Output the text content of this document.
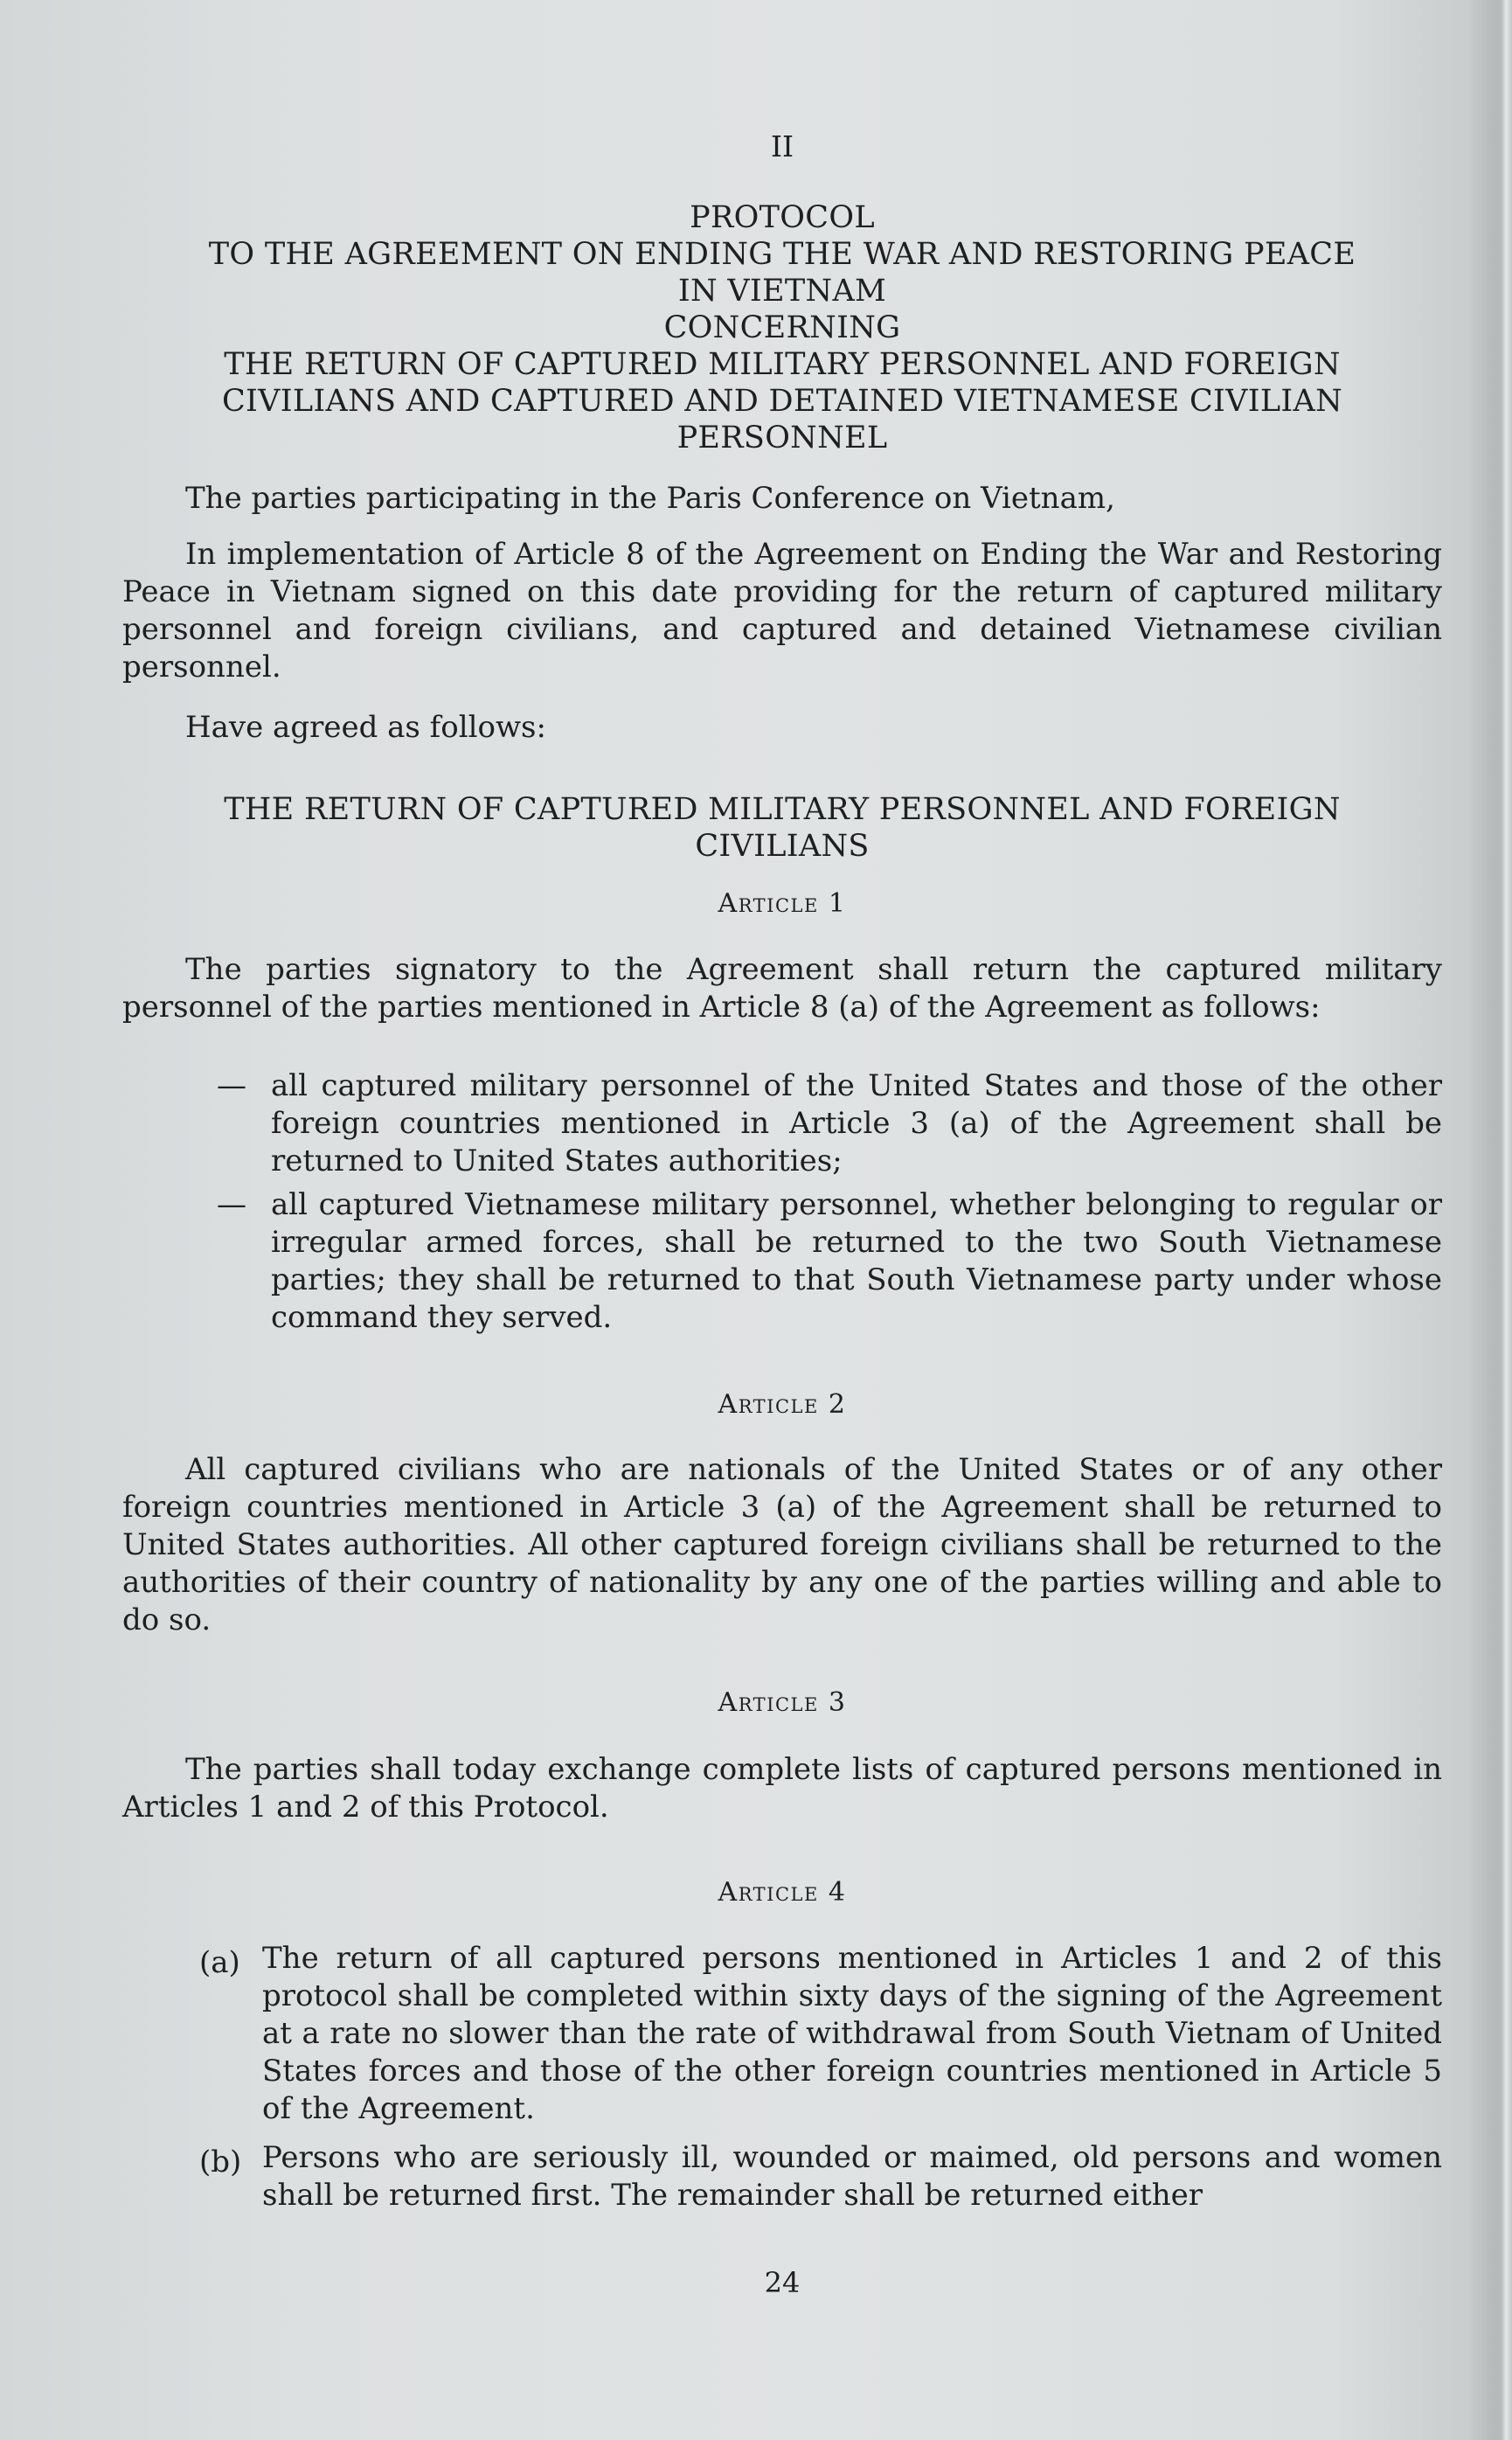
II
PROTOCOL
TO THE AGREEMENT ON ENDING THE WAR AND RESTORING PEACE
IN VIETNAM
CONCERNING
THE RETURN OF CAPTURED MILITARY PERSONNEL AND FOREIGN
CIVILIANS AND CAPTURED AND DETAINED VIETNAMESE CIVILIAN
PERSONNEL

The parties participating in the Paris Conference on Vietnam,

In implementation of Article 8 of the Agreement on Ending the War and Restoring Peace in Vietnam signed on this date providing for the return of captured military personnel and foreign civilians, and captured and detained Vietnamese civilian personnel.

Have agreed as follows:

THE RETURN OF CAPTURED MILITARY PERSONNEL AND FOREIGN
CIVILIANS
Article 1

The parties signatory to the Agreement shall return the captured military personnel of the parties mentioned in Article 8 (a) of the Agreement as follows:

— all captured military personnel of the United States and those of the other foreign countries mentioned in Article 3 (a) of the Agreement shall be returned to United States authorities;
— all captured Vietnamese military personnel, whether belonging to regular or irregular armed forces, shall be returned to the two South Vietnamese parties; they shall be returned to that South Vietnamese party under whose command they served.
Article 2

All captured civilians who are nationals of the United States or of any other foreign countries mentioned in Article 3 (a) of the Agreement shall be returned to United States authorities. All other captured foreign civilians shall be returned to the authorities of their country of nationality by any one of the parties willing and able to do so.

Article 3

The parties shall today exchange complete lists of captured persons mentioned in Articles 1 and 2 of this Protocol.

Article 4
(a) The return of all captured persons mentioned in Articles 1 and 2 of this protocol shall be completed within sixty days of the signing of the Agreement at a rate no slower than the rate of withdrawal from South Vietnam of United States forces and those of the other foreign countries mentioned in Article 5 of the Agreement.
(b) Persons who are seriously ill, wounded or maimed, old persons and women shall be returned first. The remainder shall be returned either
24
